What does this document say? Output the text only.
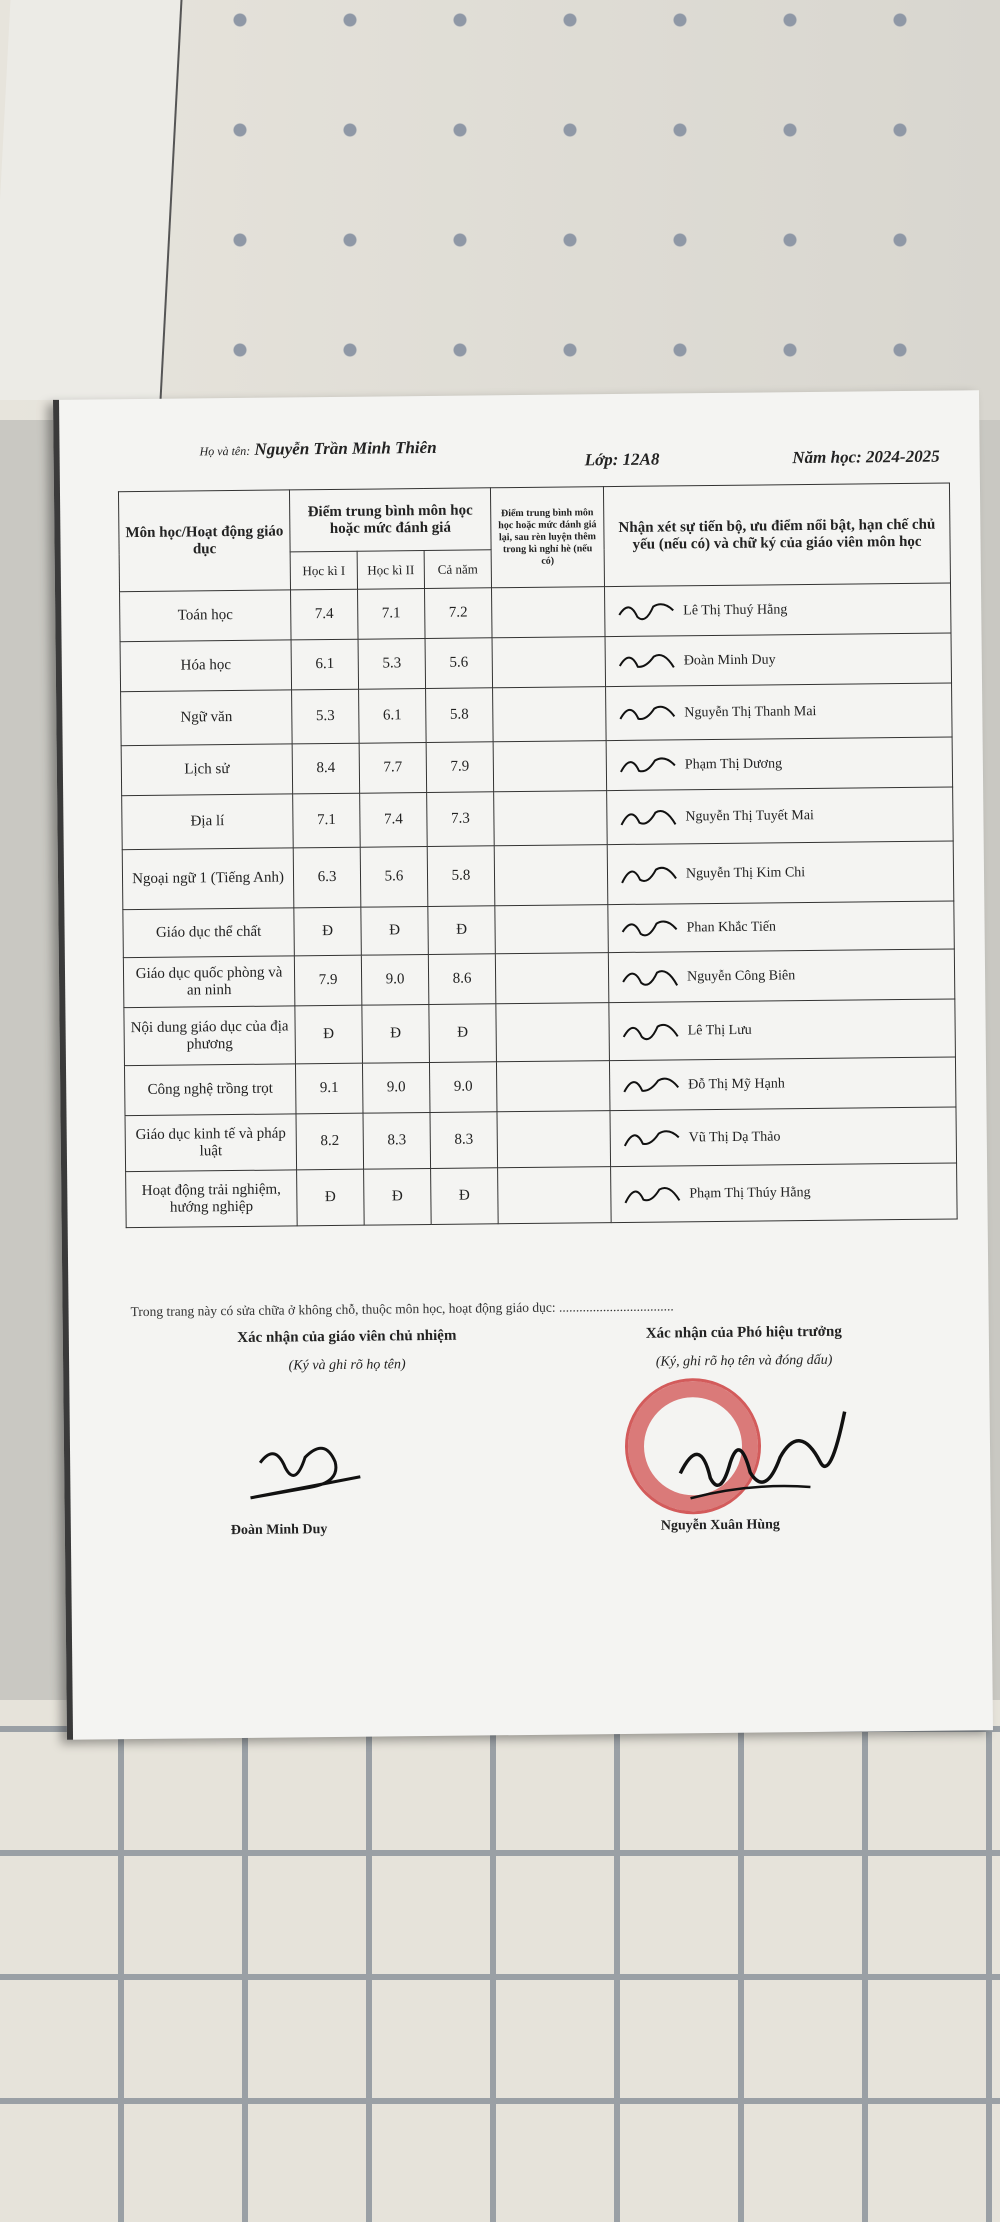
Họ và tên: Nguyễn Trần Minh Thiên
Lớp: 12A8	Năm học: 2024-2025
Môn học/Hoạt động giáo dục	Điểm trung bình môn học hoặc mức đánh giá			Điểm trung bình môn học hoặc mức đánh giá lại, sau rèn luyện thêm trong kì nghỉ hè (nếu có)	Nhận xét sự tiến bộ, ưu điểm nổi bật, hạn chế chủ yếu (nếu có) và chữ ký của giáo viên môn học
	Học kì I	Học kì II	Cả năm		
Toán học	7.4	7.1	7.2		Lê Thị Thuý Hằng
Hóa học	6.1	5.3	5.6		Đoàn Minh Duy
Ngữ văn	5.3	6.1	5.8		Nguyễn Thị Thanh Mai
Lịch sử	8.4	7.7	7.9		Phạm Thị Dương
Địa lí	7.1	7.4	7.3		Nguyễn Thị Tuyết Mai
Ngoại ngữ 1 (Tiếng Anh)	6.3	5.6	5.8		Nguyễn Thị Kim Chi
Giáo dục thể chất	Đ	Đ	Đ		Phan Khắc Tiến
Giáo dục quốc phòng và an ninh	7.9	9.0	8.6		Nguyễn Công Biên
Nội dung giáo dục của địa phương	Đ	Đ	Đ		Lê Thị Lưu
Công nghệ trồng trọt	9.1	9.0	9.0		Đỗ Thị Mỹ Hạnh
Giáo dục kinh tế và pháp luật	8.2	8.3	8.3		Vũ Thị Dạ Thảo
Hoạt động trải nghiệm, hướng nghiệp	Đ	Đ	Đ		Phạm Thị Thúy Hằng
Trong trang này có sửa chữa ở không chỗ, thuộc môn học, hoạt động giáo dục: ..................................
Xác nhận của giáo viên chủ nhiệm
(Ký và ghi rõ họ tên)
Đoàn Minh Duy
Xác nhận của Phó hiệu trưởng
(Ký, ghi rõ họ tên và đóng dấu)
Nguyễn Xuân Hùng
